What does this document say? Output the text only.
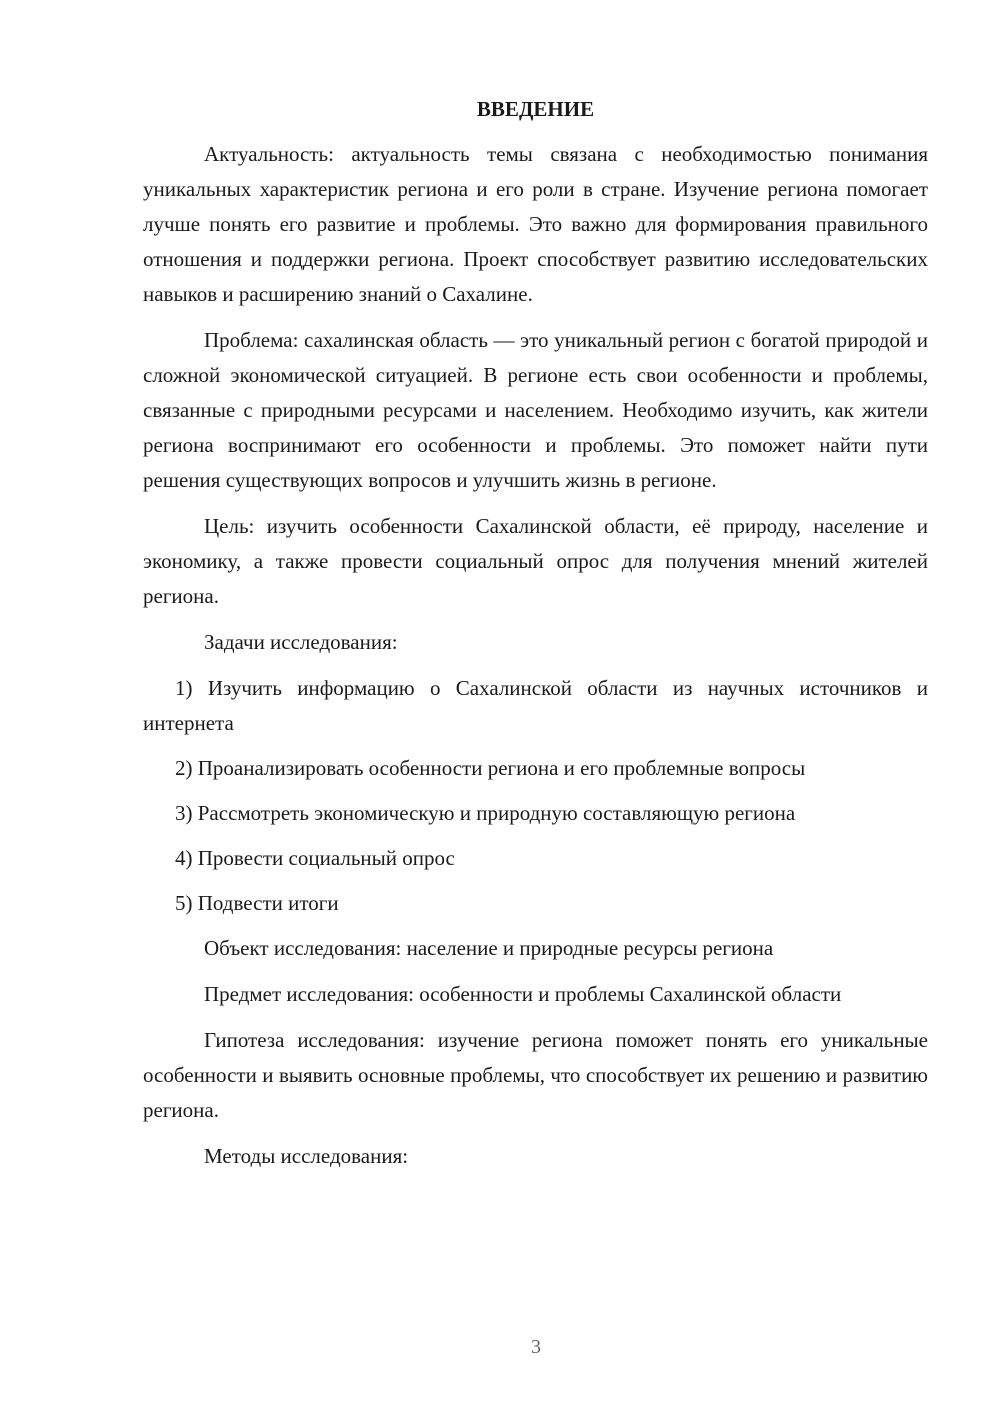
ВВЕДЕНИЕ

Актуальность: актуальность темы связана с необходимостью понимания уникальных характеристик региона и его роли в стране. Изучение региона помогает лучше понять его развитие и проблемы. Это важно для формирования правильного отношения и поддержки региона. Проект способствует развитию исследовательских навыков и расширению знаний о Сахалине.

Проблема: сахалинская область — это уникальный регион с богатой природой и сложной экономической ситуацией. В регионе есть свои особенности и проблемы, связанные с природными ресурсами и населением. Необходимо изучить, как жители региона воспринимают его особенности и проблемы. Это поможет найти пути решения существующих вопросов и улучшить жизнь в регионе.

Цель: изучить особенности Сахалинской области, её природу, население и экономику, а также провести социальный опрос для получения мнений жителей региона.

Задачи исследования:

1) Изучить информацию о Сахалинской области из научных источников и интернета
2) Проанализировать особенности региона и его проблемные вопросы
3) Рассмотреть экономическую и природную составляющую региона
4) Провести социальный опрос
5) Подвести итоги

Объект исследования: население и природные ресурсы региона

Предмет исследования: особенности и проблемы Сахалинской области

Гипотеза исследования: изучение региона поможет понять его уникальные особенности и выявить основные проблемы, что способствует их решению и развитию региона.

Методы исследования:

3
